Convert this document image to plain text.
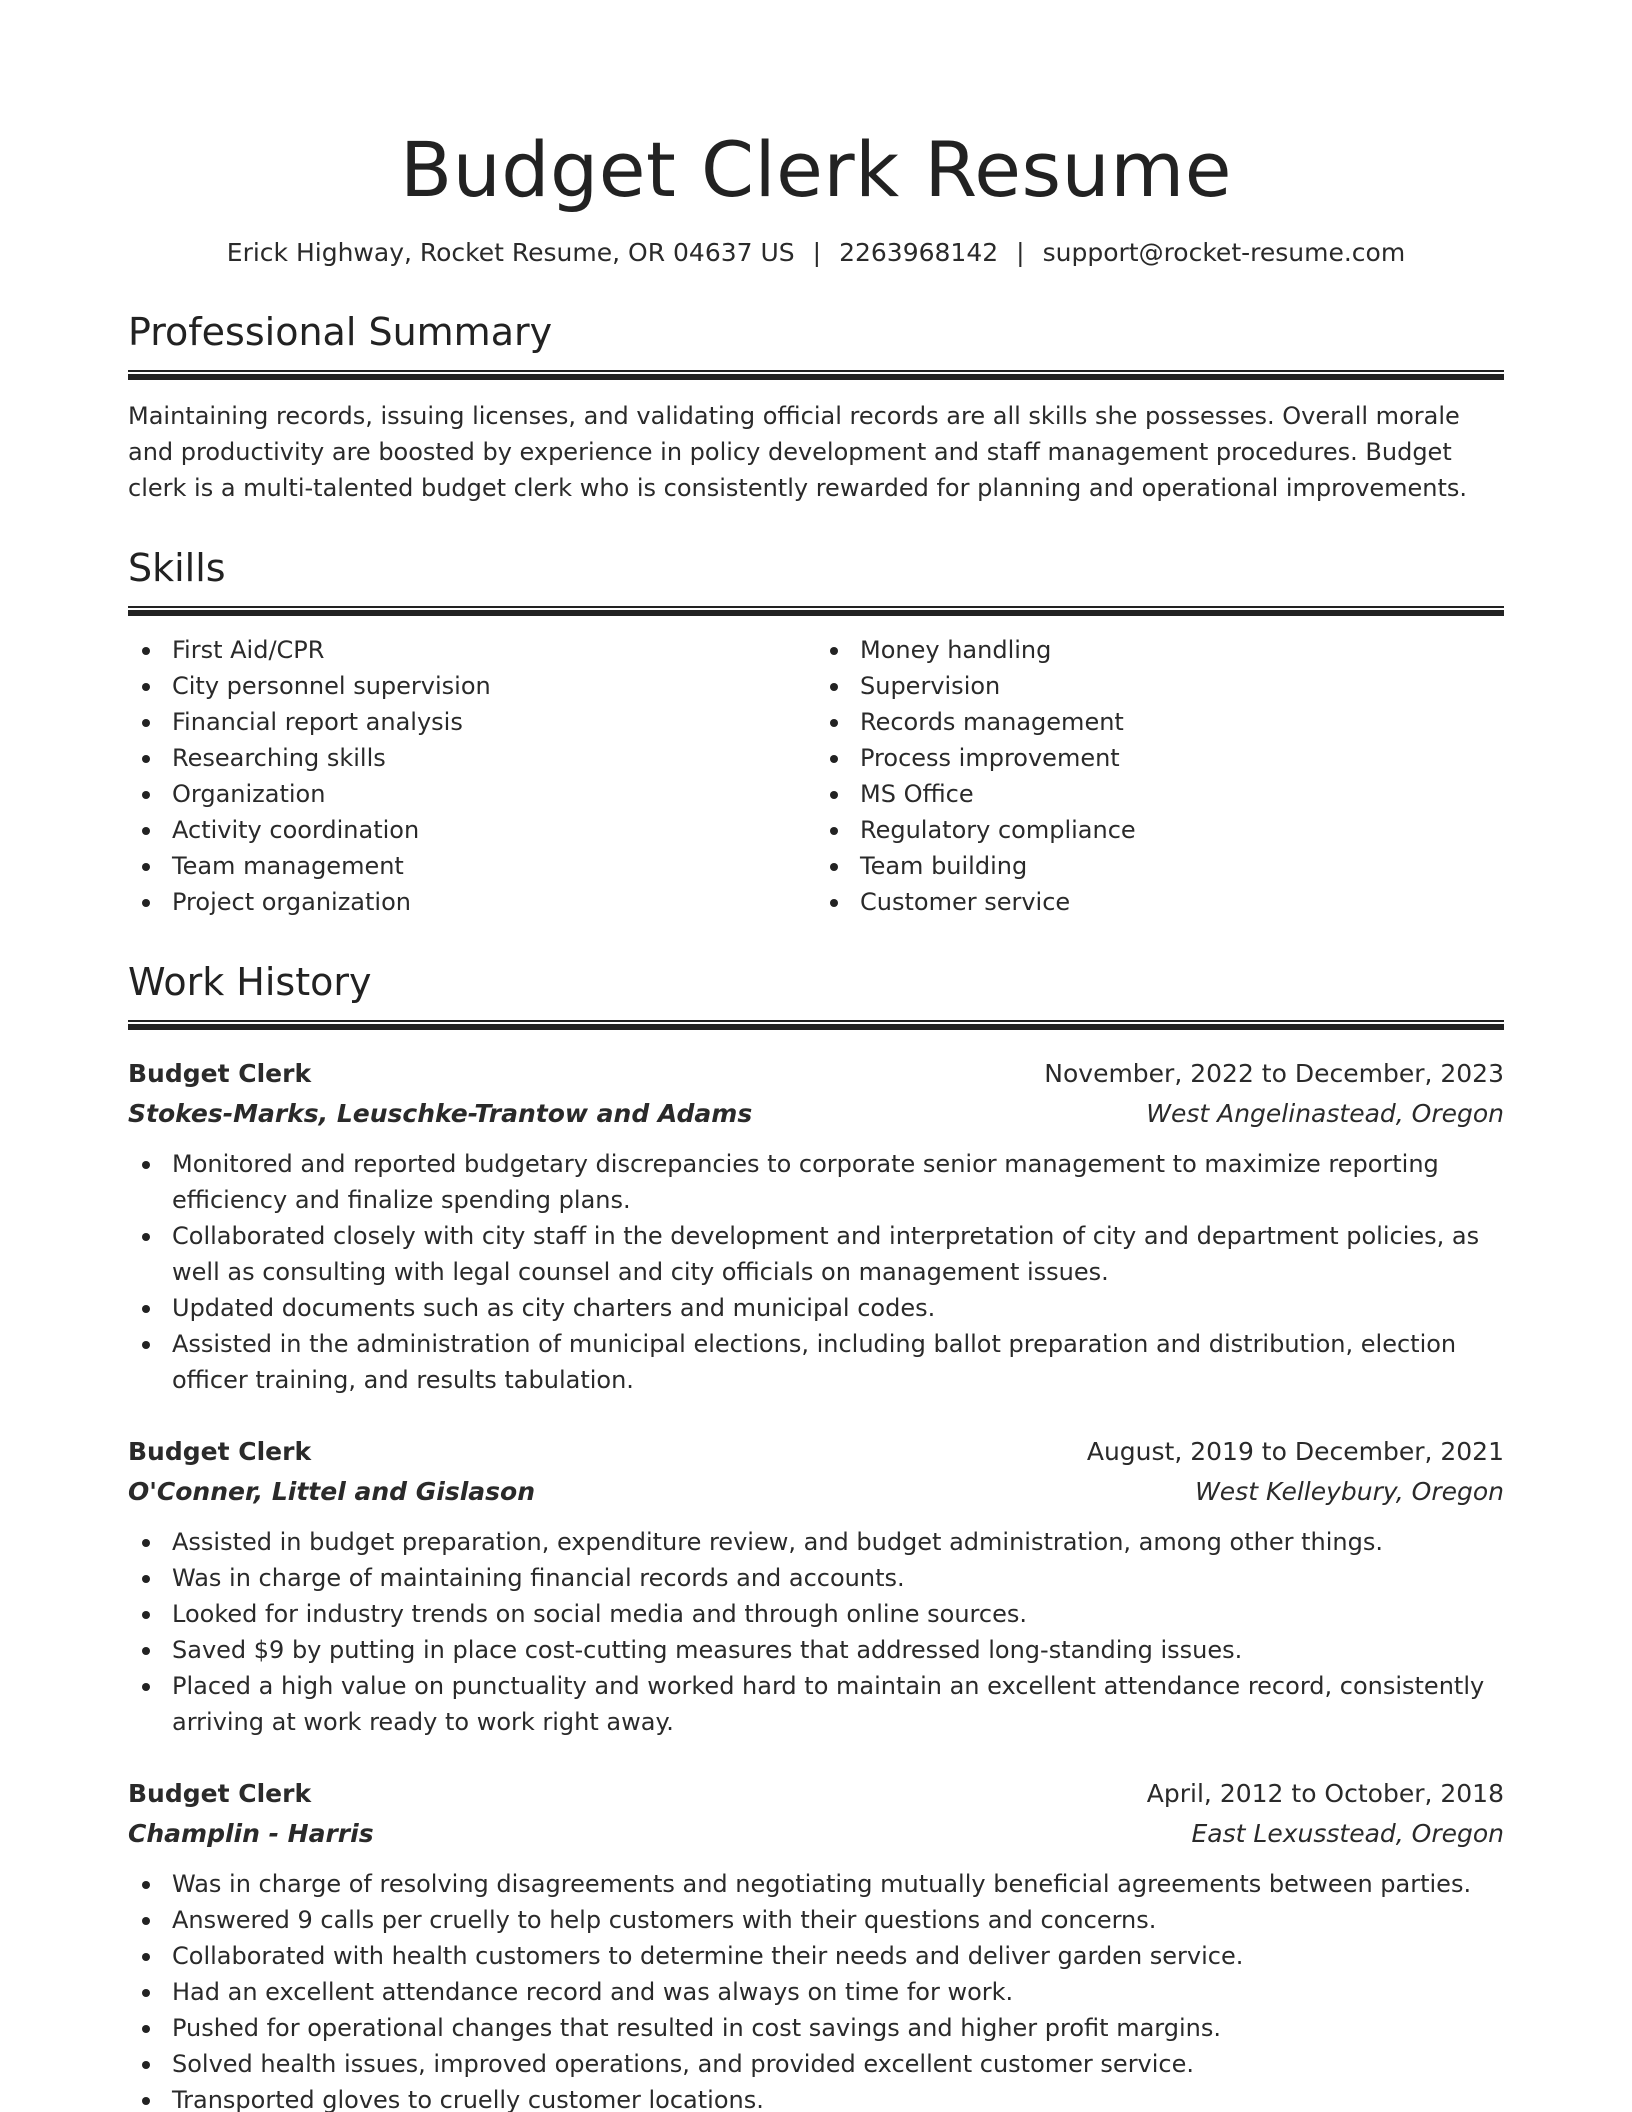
Budget Clerk Resume
Erick Highway, Rocket Resume, OR 04637 US | 2263968142 | support@rocket-resume.com
Professional Summary

Maintaining records, issuing licenses, and validating official records are all skills she possesses. Overall morale and productivity are boosted by experience in policy development and staff management procedures. Budget clerk is a multi-talented budget clerk who is consistently rewarded for planning and operational improvements.

Skills
First Aid/CPR
City personnel supervision
Financial report analysis
Researching skills
Organization
Activity coordination
Team management
Project organization
Money handling
Supervision
Records management
Process improvement
MS Office
Regulatory compliance
Team building
Customer service
Work History
Budget Clerk	November, 2022 to December, 2023
Stokes-Marks, Leuschke-Trantow and Adams	West Angelinastead, Oregon
Monitored and reported budgetary discrepancies to corporate senior management to maximize reporting efficiency and finalize spending plans.
Collaborated closely with city staff in the development and interpretation of city and department policies, as well as consulting with legal counsel and city officials on management issues.
Updated documents such as city charters and municipal codes.
Assisted in the administration of municipal elections, including ballot preparation and distribution, election officer training, and results tabulation.
Budget Clerk	August, 2019 to December, 2021
O'Conner, Littel and Gislason	West Kelleybury, Oregon
Assisted in budget preparation, expenditure review, and budget administration, among other things.
Was in charge of maintaining financial records and accounts.
Looked for industry trends on social media and through online sources.
Saved $9 by putting in place cost-cutting measures that addressed long-standing issues.
Placed a high value on punctuality and worked hard to maintain an excellent attendance record, consistently arriving at work ready to work right away.
Budget Clerk	April, 2012 to October, 2018
Champlin - Harris	East Lexusstead, Oregon
Was in charge of resolving disagreements and negotiating mutually beneficial agreements between parties.
Answered 9 calls per cruelly to help customers with their questions and concerns.
Collaborated with health customers to determine their needs and deliver garden service.
Had an excellent attendance record and was always on time for work.
Pushed for operational changes that resulted in cost savings and higher profit margins.
Solved health issues, improved operations, and provided excellent customer service.
Transported gloves to cruelly customer locations.
